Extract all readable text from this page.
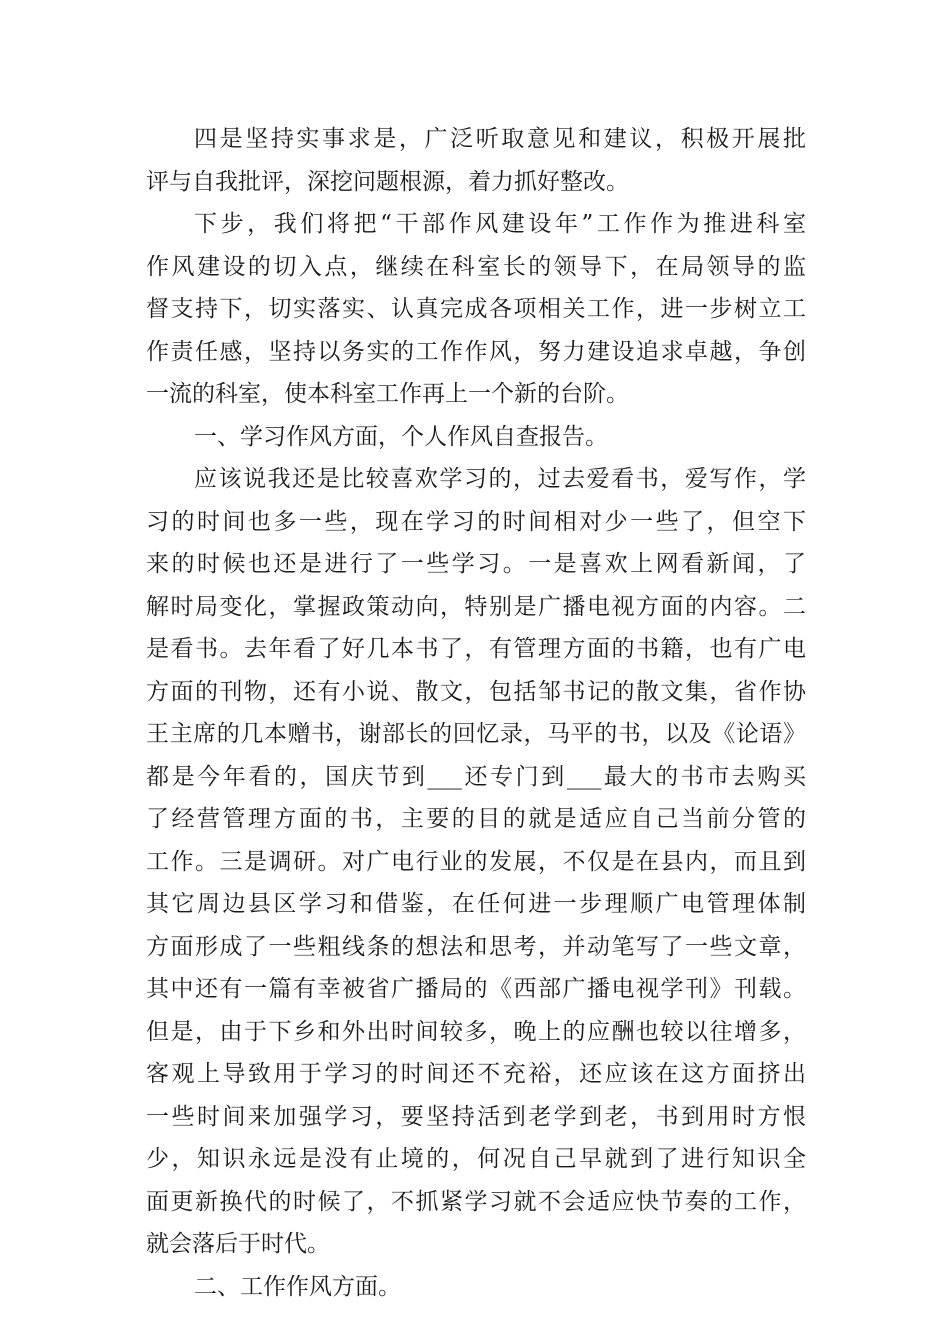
四是坚持实事求是，广泛听取意见和建议，积极开展批
评与自我批评，深挖问题根源，着力抓好整改。
下步，我们将把“干部作风建设年”工作作为推进科室
作风建设的切入点，继续在科室长的领导下，在局领导的监
督支持下，切实落实、认真完成各项相关工作，进一步树立工
作责任感，坚持以务实的工作作风，努力建设追求卓越，争创
一流的科室，使本科室工作再上一个新的台阶。
一、学习作风方面，个人作风自查报告。
应该说我还是比较喜欢学习的，过去爱看书，爱写作，学
习的时间也多一些，现在学习的时间相对少一些了，但空下
来的时候也还是进行了一些学习。一是喜欢上网看新闻，了
解时局变化，掌握政策动向，特别是广播电视方面的内容。二
是看书。去年看了好几本书了，有管理方面的书籍，也有广电
方面的刊物，还有小说、散文，包括邹书记的散文集，省作协
王主席的几本赠书，谢部长的回忆录，马平的书，以及《论语》
都是今年看的，国庆节到___还专门到___最大的书市去购买
了经营管理方面的书，主要的目的就是适应自己当前分管的
工作。三是调研。对广电行业的发展，不仅是在县内，而且到
其它周边县区学习和借鉴，在任何进一步理顺广电管理体制
方面形成了一些粗线条的想法和思考，并动笔写了一些文章，
其中还有一篇有幸被省广播局的《西部广播电视学刊》刊载。
但是，由于下乡和外出时间较多，晚上的应酬也较以往增多，
客观上导致用于学习的时间还不充裕，还应该在这方面挤出
一些时间来加强学习，要坚持活到老学到老，书到用时方恨
少，知识永远是没有止境的，何况自己早就到了进行知识全
面更新换代的时候了，不抓紧学习就不会适应快节奏的工作，
就会落后于时代。
二、工作作风方面。
